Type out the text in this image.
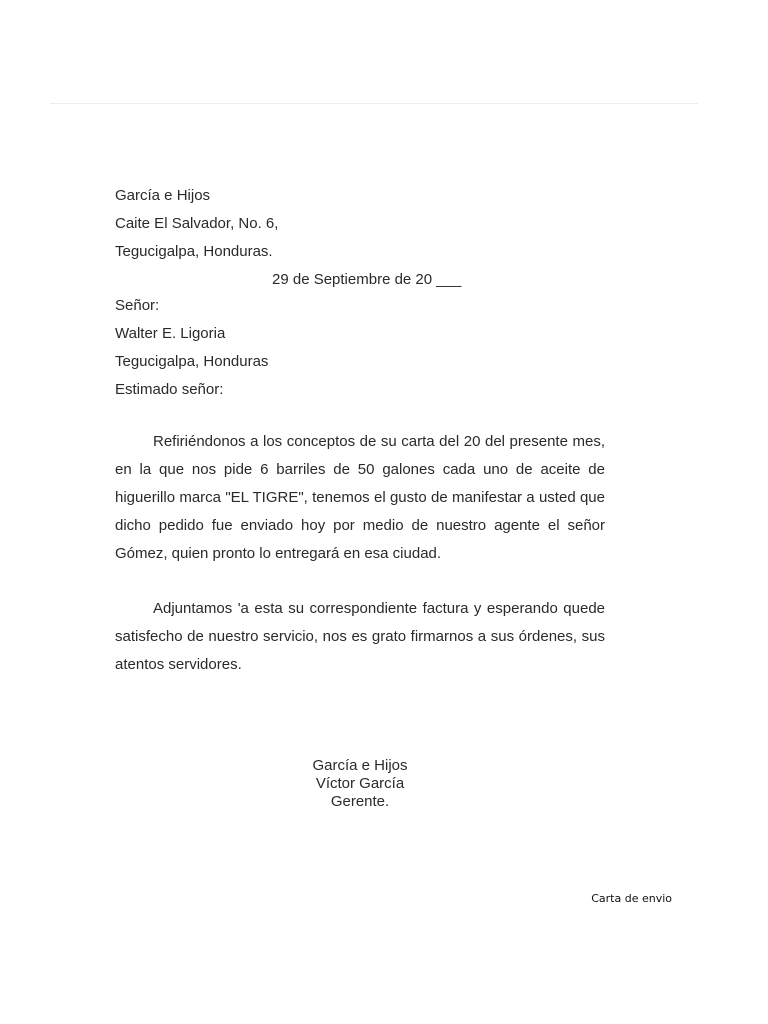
García e Hijos
Caite El Salvador, No. 6,
Tegucigalpa, Honduras.
29 de Septiembre de 20 ___
Señor:
Walter E. Ligoria
Tegucigalpa, Honduras
Estimado señor:

Refiriéndonos a los conceptos de su carta del 20 del presente mes, en la que nos pide 6 barriles de 50 galones cada uno de aceite de higuerillo marca "EL TIGRE", tenemos el gusto de manifestar a usted que dicho pedido fue enviado hoy por medio de nuestro agente el señor Gómez, quien pronto lo entregará en esa ciudad.

Adjuntamos 'a esta su correspondiente factura y esperando quede satisfecho de nuestro servicio, nos es grato firmarnos a sus órdenes, sus atentos servidores.

García e Hijos
Víctor García
Gerente.
Carta de envio
